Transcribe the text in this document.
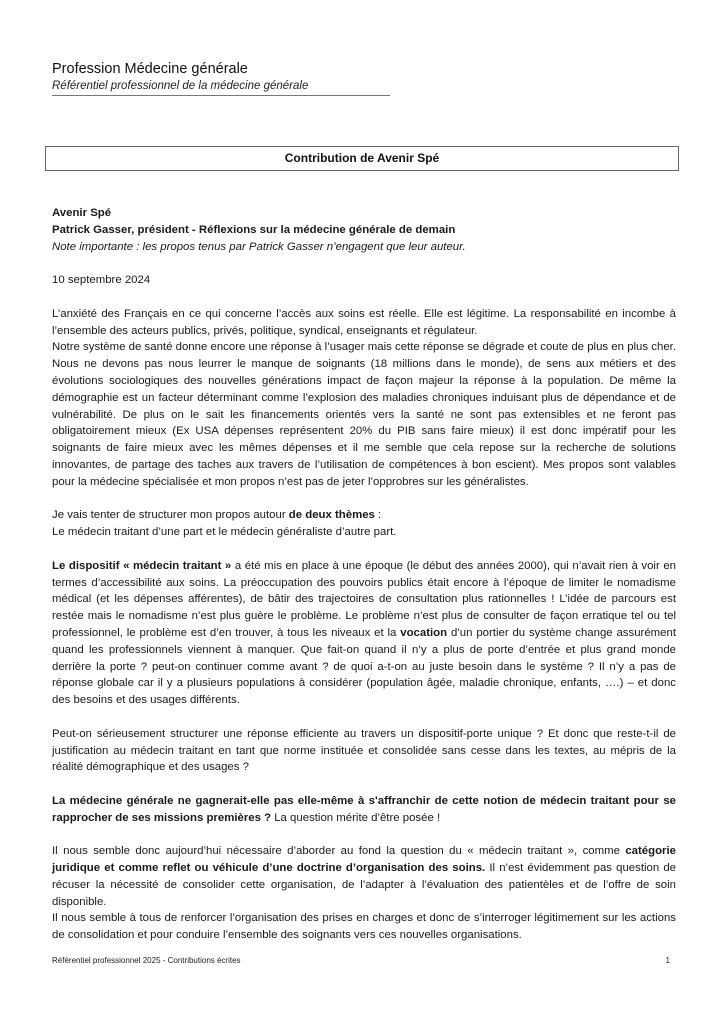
Profession Médecine générale
Référentiel professionnel de la médecine générale
Contribution de Avenir Spé

Avenir Spé

Patrick Gasser, président - Réflexions sur la médecine générale de demain

Note importante : les propos tenus par Patrick Gasser n’engagent que leur auteur.

10 septembre 2024

L’anxiété des Français en ce qui concerne l’accès aux soins est réelle. Elle est légitime. La responsabilité en incombe à l’ensemble des acteurs publics, privés, politique, syndical, enseignants et régulateur.

Notre système de santé donne encore une réponse à l’usager mais cette réponse se dégrade et coute de plus en plus cher. Nous ne devons pas nous leurrer le manque de soignants (18 millions dans le monde), de sens aux métiers et des évolutions sociologiques des nouvelles générations impact de façon majeur la réponse à la population. De même la démographie est un facteur déterminant comme l’explosion des maladies chroniques induisant plus de dépendance et de vulnérabilité. De plus on le sait les financements orientés vers la santé ne sont pas extensibles et ne feront pas obligatoirement mieux (Ex USA dépenses représentent 20% du PIB sans faire mieux) il est donc impératif pour les soignants de faire mieux avec les mêmes dépenses et il me semble que cela repose sur la recherche de solutions innovantes, de partage des taches aux travers de l’utilisation de compétences à bon escient). Mes propos sont valables pour la médecine spécialisée et mon propos n’est pas de jeter l’opprobres sur les généralistes.

Je vais tenter de structurer mon propos autour de deux thèmes :

Le médecin traitant d’une part et le médecin généraliste d’autre part.

Le dispositif « médecin traitant » a été mis en place à une époque (le début des années 2000), qui n’avait rien à voir en termes d’accessibilité aux soins. La préoccupation des pouvoirs publics était encore à l’époque de limiter le nomadisme médical (et les dépenses afférentes), de bâtir des trajectoires de consultation plus rationnelles ! L’idée de parcours est restée mais le nomadisme n’est plus guère le problème. Le problème n’est plus de consulter de façon erratique tel ou tel professionnel, le problème est d’en trouver, à tous les niveaux et la vocation d’un portier du système change assurément quand les professionnels viennent à manquer. Que fait-on quand il n’y a plus de porte d’entrée et plus grand monde derrière la porte ? peut-on continuer comme avant ? de quoi a-t-on au juste besoin dans le système ? Il n’y a pas de réponse globale car il y a plusieurs populations à considérer (population âgée, maladie chronique, enfants, ….) – et donc des besoins et des usages différents.

Peut-on sérieusement structurer une réponse efficiente au travers un dispositif-porte unique ? Et donc que reste-t-il de justification au médecin traitant en tant que norme instituée et consolidée sans cesse dans les textes, au mépris de la réalité démographique et des usages ?

La médecine générale ne gagnerait-elle pas elle-même à s'affranchir de cette notion de médecin traitant pour se rapprocher de ses missions premières ? La question mérite d’être posée !

Il nous semble donc aujourd’hui nécessaire d’aborder au fond la question du « médecin traitant », comme catégorie juridique et comme reflet ou véhicule d’une doctrine d’organisation des soins. Il n’est évidemment pas question de récuser la nécessité de consolider cette organisation, de l’adapter à l’évaluation des patientèles et de l’offre de soin disponible.

Il nous semble à tous de renforcer l’organisation des prises en charges et donc de s’interroger légitimement sur les actions de consolidation et pour conduire l’ensemble des soignants vers ces nouvelles organisations.

Référentiel professionnel 2025 - Contributions écrites	1
